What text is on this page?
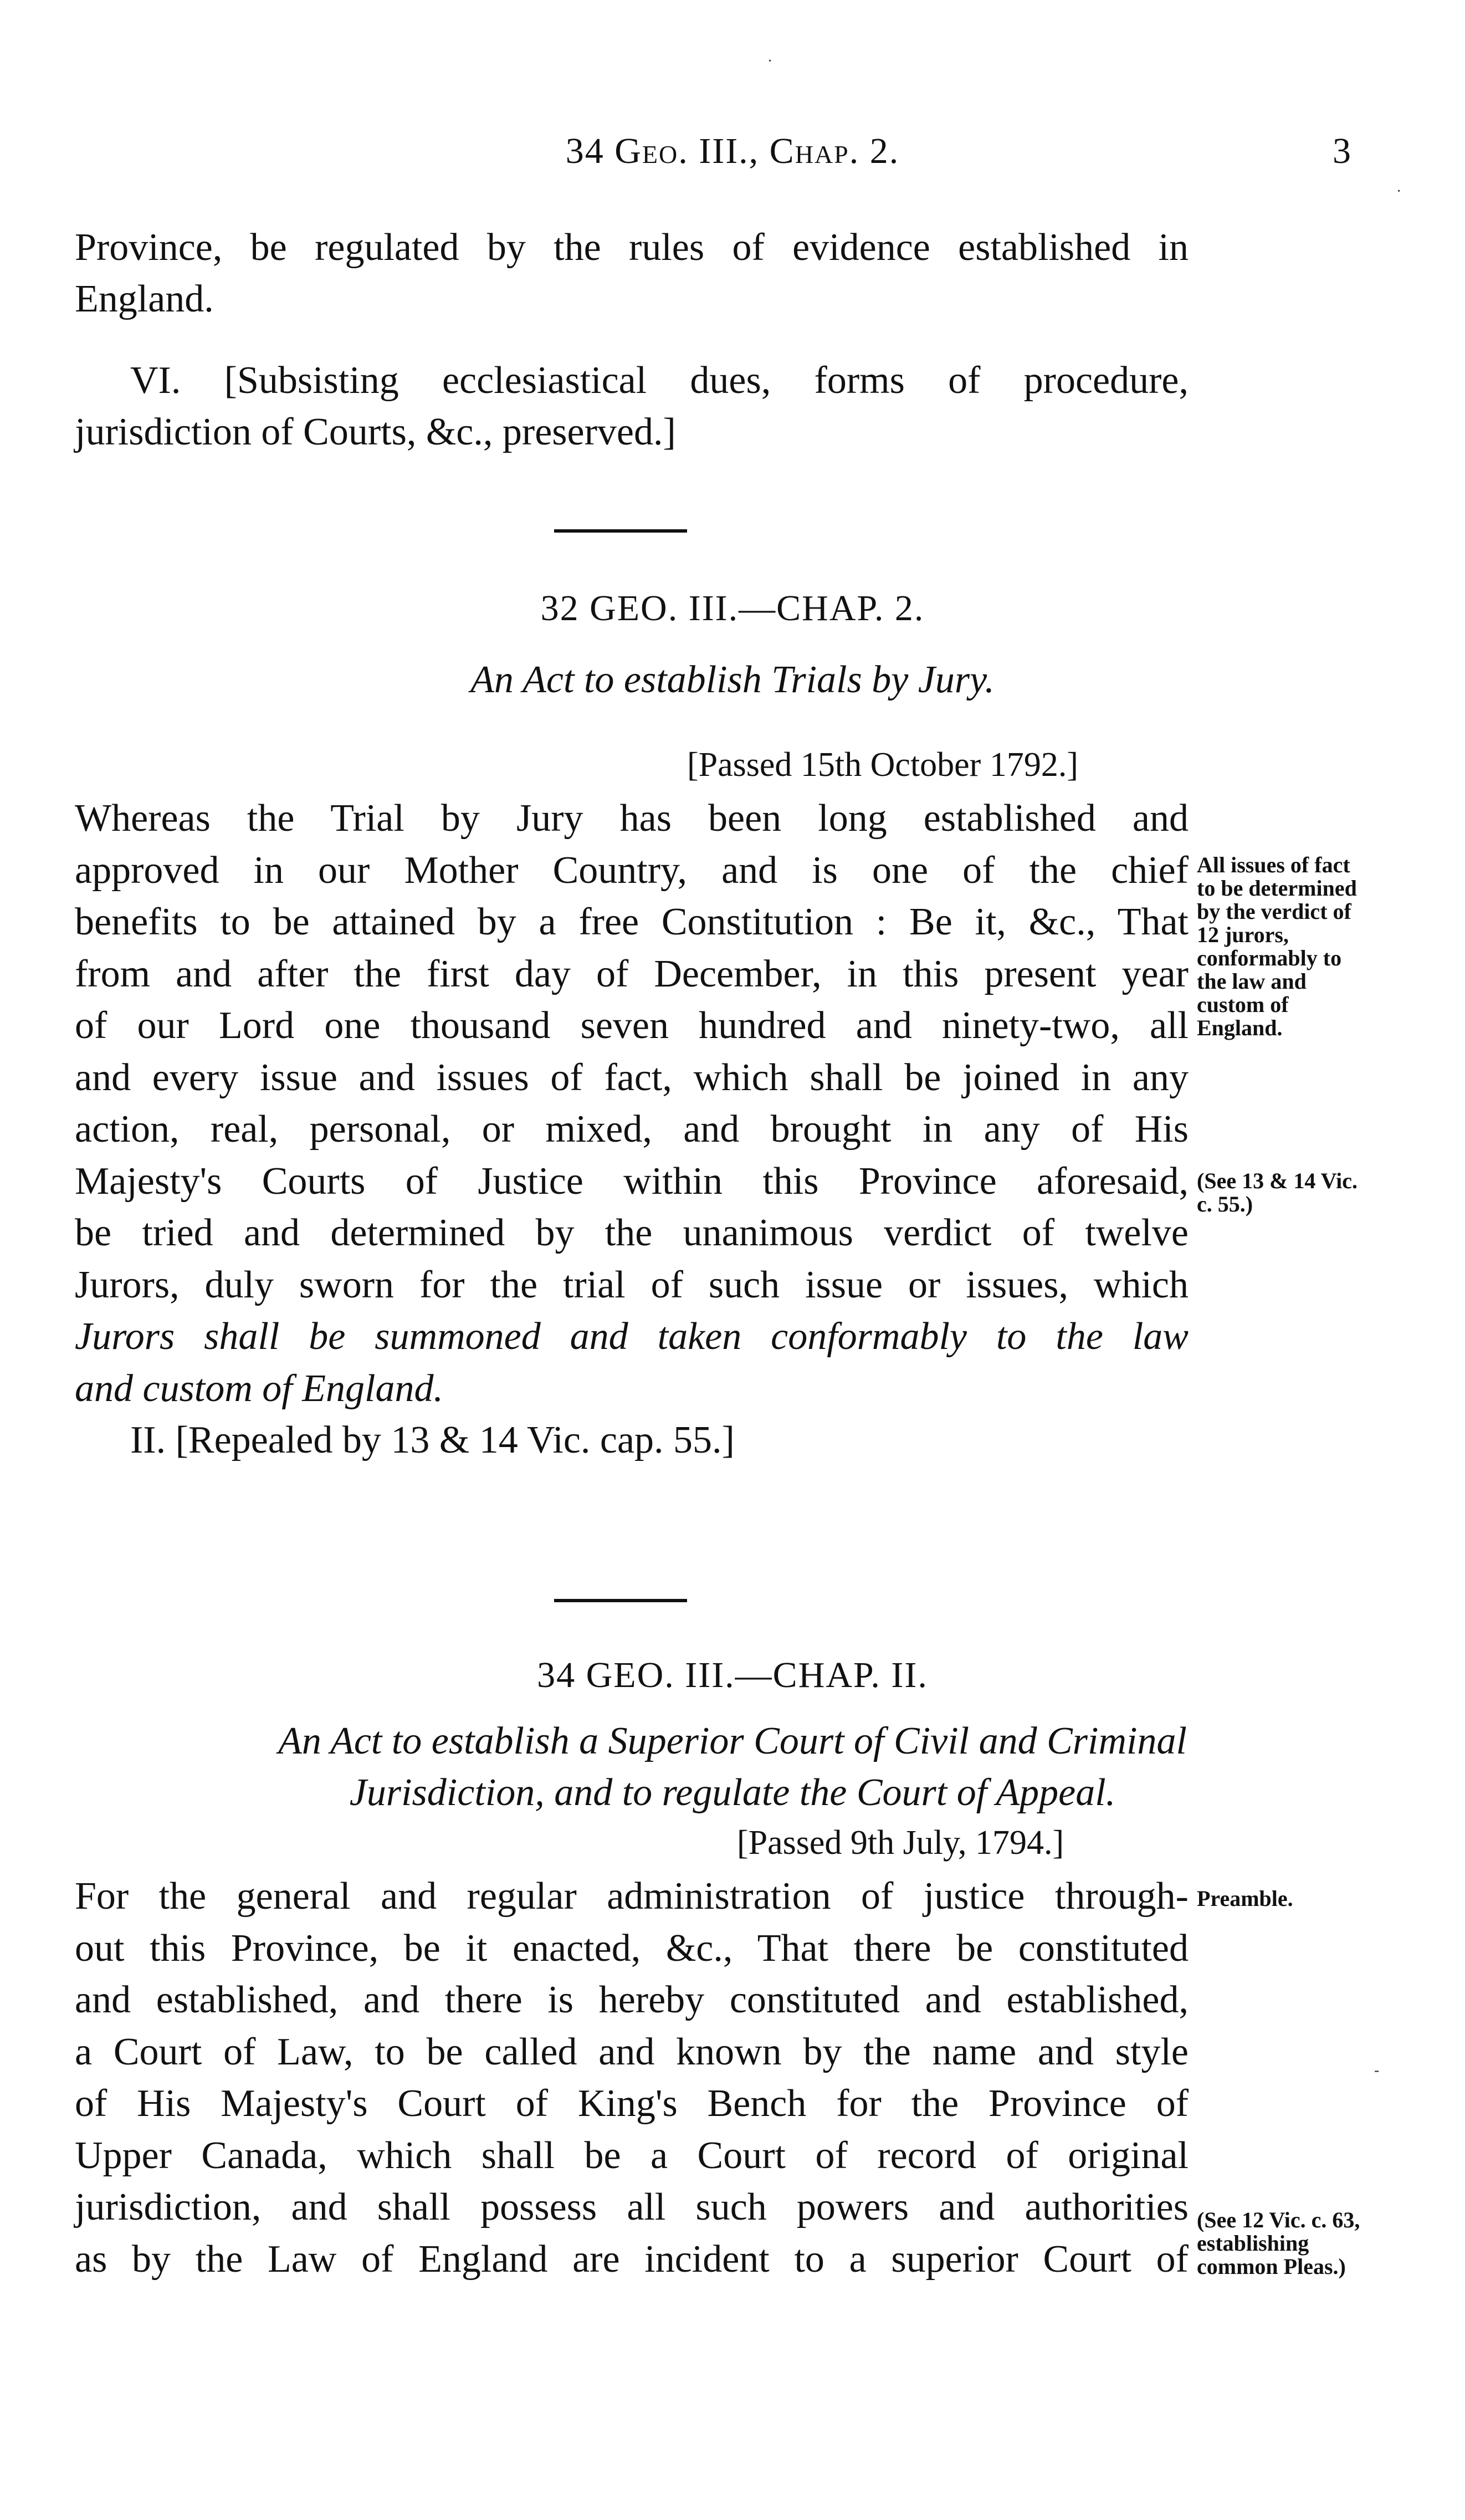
34 Geo. III., Chap. 2.	3
Province, be regulated by the rules of evidence established in
England.
VI. [Subsisting ecclesiastical dues, forms of procedure,
jurisdiction of Courts, &c., preserved.]
32 GEO. III.—CHAP. 2.
An Act to establish Trials by Jury.
[Passed 15th October 1792.]
Whereas the Trial by Jury has been long established and
approved in our Mother Country, and is one of the chief
benefits to be attained by a free Constitution : Be it, &c., That
from and after the first day of December, in this present year
of our Lord one thousand seven hundred and ninety-two, all
and every issue and issues of fact, which shall be joined in any
action, real, personal, or mixed, and brought in any of His
Majesty's Courts of Justice within this Province aforesaid,
be tried and determined by the unanimous verdict of twelve
Jurors, duly sworn for the trial of such issue or issues, which
Jurors shall be summoned and taken conformably to the law
and custom of England.
II. [Repealed by 13 & 14 Vic. cap. 55.]
All issues of fact to be determined by the verdict of 12 jurors, conformably to the law and custom of England.
(See 13 & 14 Vic. c. 55.)
34 GEO. III.—CHAP. II.
An Act to establish a Superior Court of Civil and Criminal
Jurisdiction, and to regulate the Court of Appeal.
[Passed 9th July, 1794.]
For the general and regular administration of justice through-
out this Province, be it enacted, &c., That there be constituted
and established, and there is hereby constituted and established,
a Court of Law, to be called and known by the name and style
of His Majesty's Court of King's Bench for the Province of
Upper Canada, which shall be a Court of record of original
jurisdiction, and shall possess all such powers and authorities
as by the Law of England are incident to a superior Court of
Preamble.
(See 12 Vic. c. 63, establishing common Pleas.)
·
·
-
